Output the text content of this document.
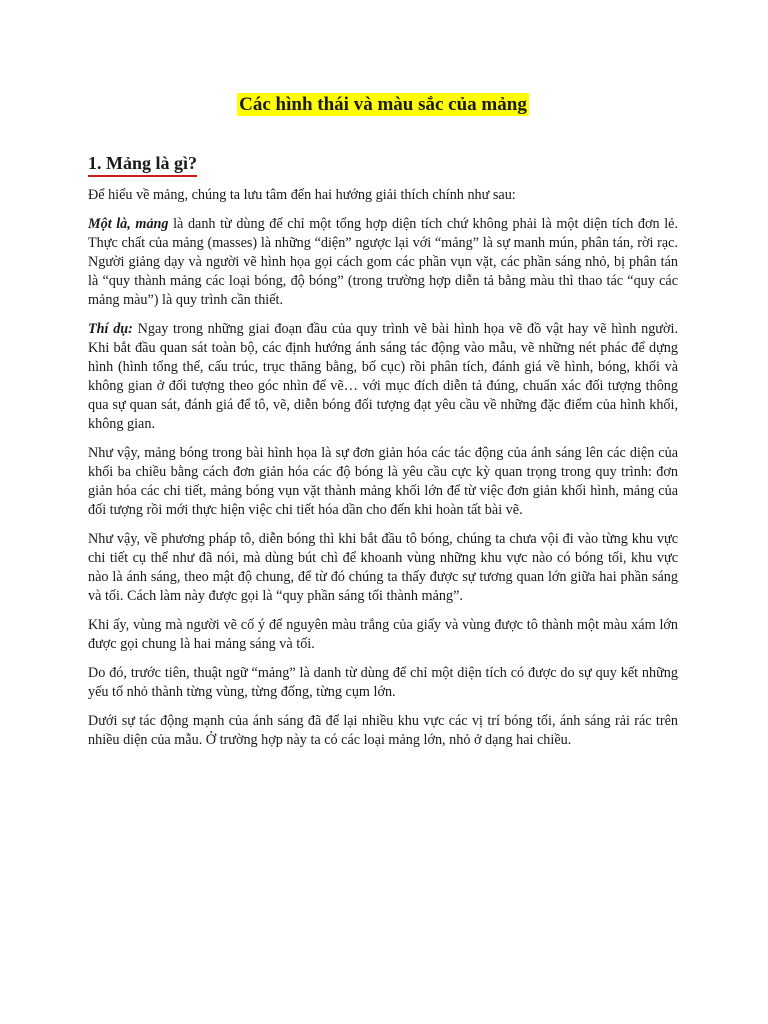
Các hình thái và màu sắc của mảng
1. Mảng là gì?

Để hiểu về mảng, chúng ta lưu tâm đến hai hướng giải thích chính như sau:

Một là, mảng là danh từ dùng để chỉ một tổng hợp diện tích chứ không phải là một diện tích đơn lẻ. Thực chất của mảng (masses) là những “diện” ngược lại với “mảng” là sự manh mún, phân tán, rời rạc. Người giảng dạy và người vẽ hình họa gọi cách gom các phần vụn vặt, các phần sáng nhỏ, bị phân tán là “quy thành mảng các loại bóng, độ bóng” (trong trường hợp diễn tả bằng màu thì thao tác “quy các mảng màu”) là quy trình cần thiết.

Thí dụ: Ngay trong những giai đoạn đầu của quy trình vẽ bài hình họa vẽ đồ vật hay vẽ hình người. Khi bắt đầu quan sát toàn bộ, các định hướng ánh sáng tác động vào mẫu, vẽ những nét phác để dựng hình (hình tổng thể, cấu trúc, trục thăng bằng, bố cục) rồi phân tích, đánh giá về hình, bóng, khối và không gian ở đối tượng theo góc nhìn để vẽ… với mục đích diễn tả đúng, chuẩn xác đối tượng thông qua sự quan sát, đánh giá để tô, vẽ, diễn bóng đối tượng đạt yêu cầu về những đặc điểm của hình khối, không gian.

Như vậy, mảng bóng trong bài hình họa là sự đơn giản hóa các tác động của ánh sáng lên các diện của khối ba chiều bằng cách đơn giản hóa các độ bóng là yêu cầu cực kỳ quan trọng trong quy trình: đơn giản hóa các chi tiết, mảng bóng vụn vặt thành mảng khối lớn để từ việc đơn giản khối hình, mảng của đối tượng rồi mới thực hiện việc chi tiết hóa dần cho đến khi hoàn tất bài vẽ.

Như vậy, về phương pháp tô, diễn bóng thì khi bắt đầu tô bóng, chúng ta chưa vội đi vào từng khu vực chi tiết cụ thể như đã nói, mà dùng bút chì để khoanh vùng những khu vực nào có bóng tối, khu vực nào là ánh sáng, theo mật độ chung, để từ đó chúng ta thấy được sự tương quan lớn giữa hai phần sáng và tối. Cách làm này được gọi là “quy phần sáng tối thành mảng”.

Khi ấy, vùng mà người vẽ cố ý để nguyên màu trắng của giấy và vùng được tô thành một màu xám lớn được gọi chung là hai mảng sáng và tối.

Do đó, trước tiên, thuật ngữ “mảng” là danh từ dùng để chỉ một diện tích có được do sự quy kết những yếu tố nhỏ thành từng vùng, từng đống, từng cụm lớn.

Dưới sự tác động mạnh của ánh sáng đã để lại nhiều khu vực các vị trí bóng tối, ánh sáng rải rác trên nhiều diện của mẫu. Ở trường hợp này ta có các loại mảng lớn, nhỏ ở dạng hai chiều.
